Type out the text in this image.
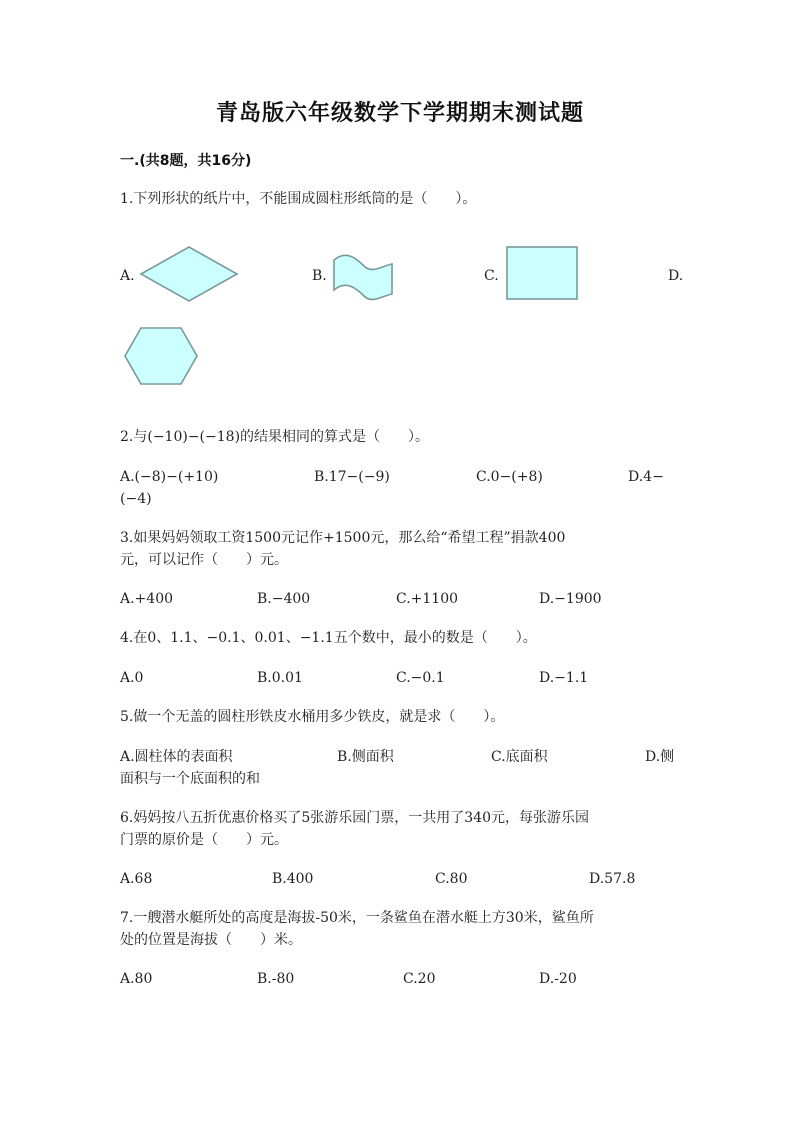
青岛版六年级数学下学期期末测试题
一.(共8题，共16分)
1.下列形状的纸片中，不能围成圆柱形纸筒的是（　　）。
A.	B.	C.	D.
2.与(−10)−(−18)的结果相同的算式是（　　）。
A.(−8)−(+10)	B.17−(−9)	C.0−(+8)	D.4−
(−4)
3.如果妈妈领取工资1500元记作+1500元，那么给“希望工程”捐款400
元，可以记作（　　）元。
A.+400	B.−400	C.+1100	D.−1900
4.在0、1.1、−0.1、0.01、−1.1五个数中，最小的数是（　　）。
A.0	B.0.01	C.−0.1	D.−1.1
5.做一个无盖的圆柱形铁皮水桶用多少铁皮，就是求（　　）。
A.圆柱体的表面积	B.侧面积	C.底面积	D.侧
面积与一个底面积的和
6.妈妈按八五折优惠价格买了5张游乐园门票，一共用了340元，每张游乐园
门票的原价是（　　）元。
A.68	B.400	C.80	D.57.8
7.一艘潜水艇所处的高度是海拔-50米，一条鲨鱼在潜水艇上方30米，鲨鱼所
处的位置是海拔（　　）米。
A.80	B.-80	C.20	D.-20
